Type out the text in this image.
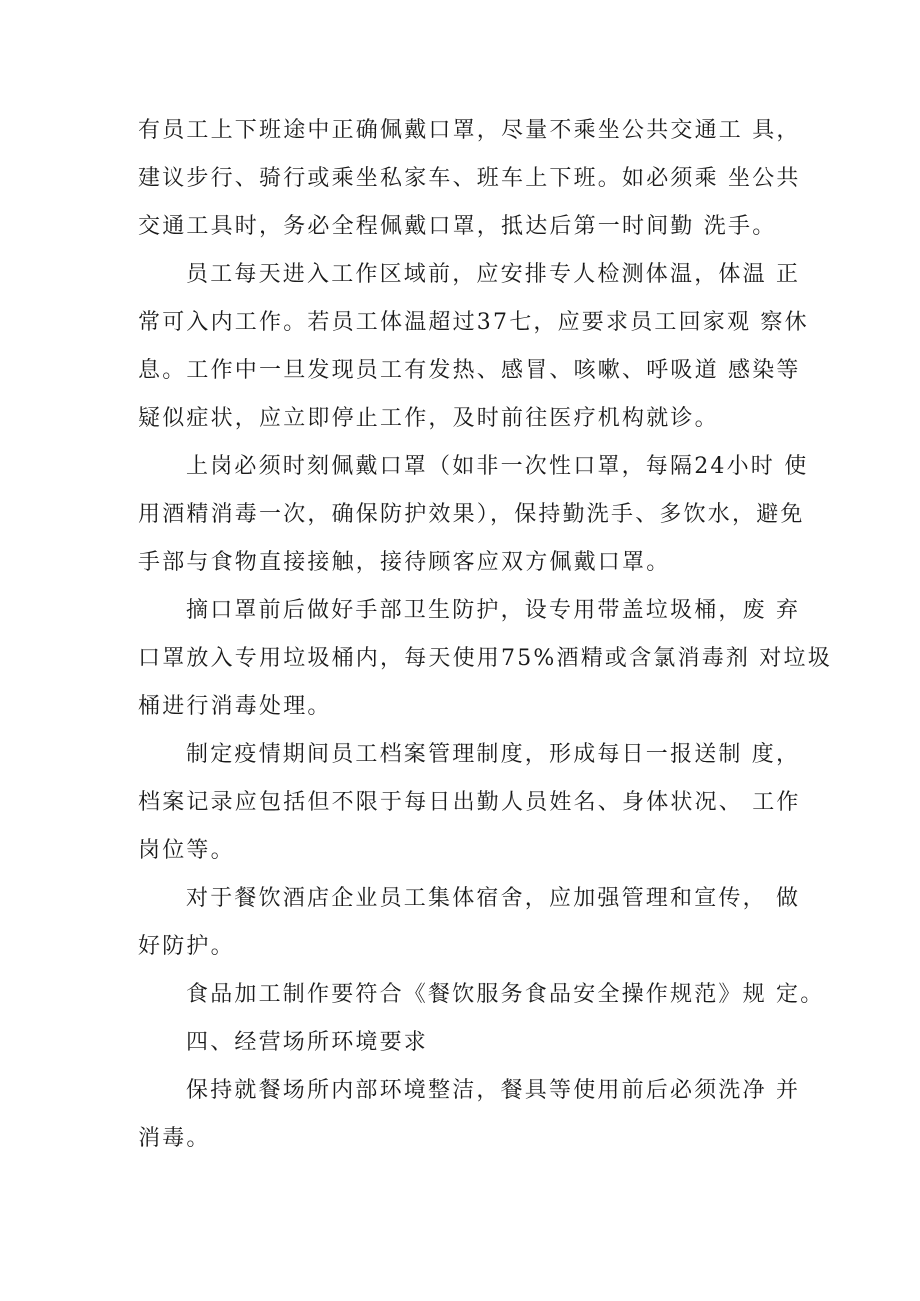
有员工上下班途中正确佩戴口罩，尽量不乘坐公共交通工 具，
建议步行、骑行或乘坐私家车、班车上下班。如必须乘 坐公共
交通工具时，务必全程佩戴口罩，抵达后第一时间勤 洗手。
员工每天进入工作区域前，应安排专人检测体温，体温 正
常可入内工作。若员工体温超过37七，应要求员工回家观 察休
息。工作中一旦发现员工有发热、感冒、咳嗽、呼吸道 感染等
疑似症状，应立即停止工作，及时前往医疗机构就诊。
上岗必须时刻佩戴口罩（如非一次性口罩，每隔24小时 使
用酒精消毒一次，确保防护效果），保持勤洗手、多饮水，避免
手部与食物直接接触，接待顾客应双方佩戴口罩。
摘口罩前后做好手部卫生防护，设专用带盖垃圾桶，废 弃
口罩放入专用垃圾桶内，每天使用75%酒精或含氯消毒剂 对垃圾
桶进行消毒处理。
制定疫情期间员工档案管理制度，形成每日一报送制 度，
档案记录应包括但不限于每日出勤人员姓名、身体状况、 工作
岗位等。
对于餐饮酒店企业员工集体宿舍，应加强管理和宣传， 做
好防护。
食品加工制作要符合《餐饮服务食品安全操作规范》规 定。
四、经营场所环境要求
保持就餐场所内部环境整洁，餐具等使用前后必须洗净 并
消毒。
